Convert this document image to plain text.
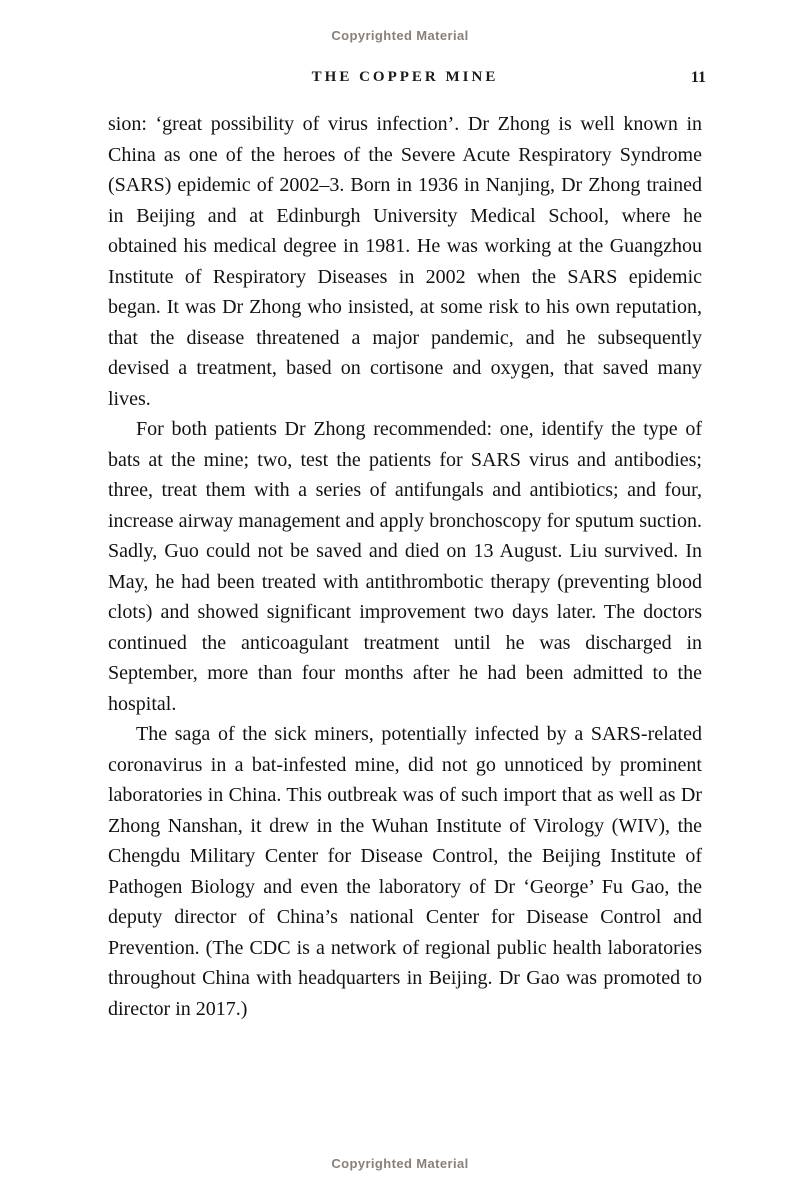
Copyrighted Material
THE COPPER MINE	11

sion: ‘great possibility of virus infection’. Dr Zhong is well known in China as one of the heroes of the Severe Acute Respiratory Syndrome (SARS) epidemic of 2002–3. Born in 1936 in Nanjing, Dr Zhong trained in Beijing and at Edinburgh University Medical School, where he obtained his medical degree in 1981. He was working at the Guangzhou Institute of Respiratory Diseases in 2002 when the SARS epidemic began. It was Dr Zhong who insisted, at some risk to his own reputation, that the disease threatened a major pandemic, and he subsequently devised a treatment, based on cortisone and oxygen, that saved many lives.

For both patients Dr Zhong recommended: one, identify the type of bats at the mine; two, test the patients for SARS virus and antibodies; three, treat them with a series of antifungals and antibiotics; and four, increase airway management and apply bronchoscopy for sputum suction. Sadly, Guo could not be saved and died on 13 August. Liu survived. In May, he had been treated with antithrombotic therapy (preventing blood clots) and showed significant improvement two days later. The doctors continued the anticoagulant treatment until he was discharged in September, more than four months after he had been admitted to the hospital.

The saga of the sick miners, potentially infected by a SARS-related coronavirus in a bat-infested mine, did not go unnoticed by prominent laboratories in China. This outbreak was of such import that as well as Dr Zhong Nanshan, it drew in the Wuhan Institute of Virology (WIV), the Chengdu Military Center for Disease Control, the Beijing Institute of Pathogen Biology and even the laboratory of Dr ‘George’ Fu Gao, the deputy director of China’s national Center for Disease Control and Prevention. (The CDC is a network of regional public health laboratories throughout China with headquarters in Beijing. Dr Gao was promoted to director in 2017.)

Copyrighted Material
